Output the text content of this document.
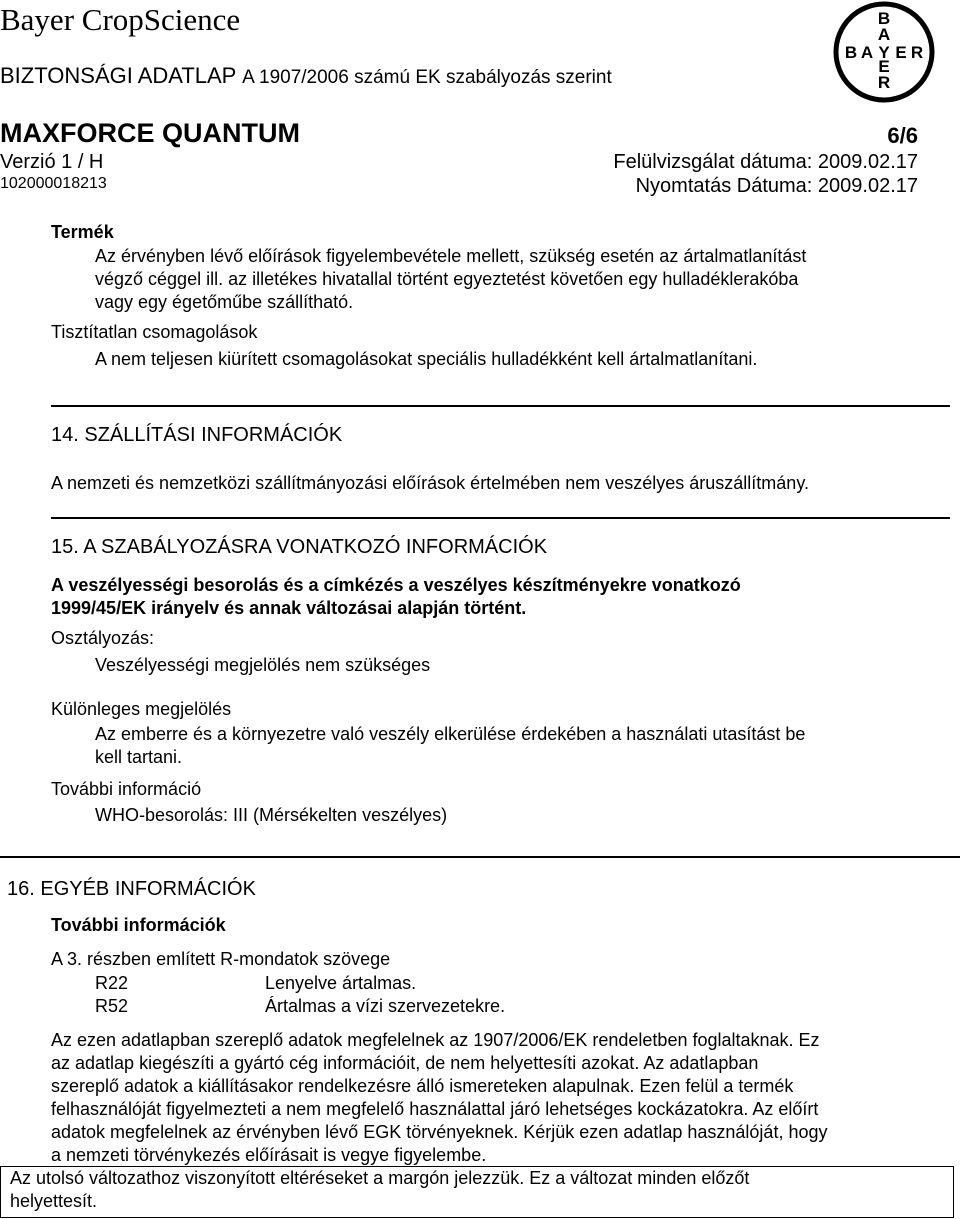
Bayer CropScience
BIZTONSÁGI ADATLAP A 1907/2006 számú EK szabályozás szerint
MAXFORCE QUANTUM	6/6
Verzió 1 / H	Felülvizsgálat dátuma: 2009.02.17
102000018213	Nyomtatás Dátuma: 2009.02.17
B
A
E
R
B A Y E R
Termék
Az érvényben lévő előírások figyelembevétele mellett, szükség esetén az ártalmatlanítást
végző céggel ill. az illetékes hivatallal történt egyeztetést követően egy hulladéklerakóba
vagy egy égetőműbe szállítható.
Tisztítatlan csomagolások
A nem teljesen kiürített csomagolásokat speciális hulladékként kell ártalmatlanítani.
14. SZÁLLÍTÁSI INFORMÁCIÓK
A nemzeti és nemzetközi szállítmányozási előírások értelmében nem veszélyes áruszállítmány.
15. A SZABÁLYOZÁSRA VONATKOZÓ INFORMÁCIÓK
A veszélyességi besorolás és a címkézés a veszélyes készítményekre vonatkozó
1999/45/EK irányelv és annak változásai alapján történt.
Osztályozás:
Veszélyességi megjelölés nem szükséges
Különleges megjelölés
Az emberre és a környezetre való veszély elkerülése érdekében a használati utasítást be
kell tartani.
További információ
WHO-besorolás: III (Mérsékelten veszélyes)
16. EGYÉB INFORMÁCIÓK
További információk
A 3. részben említett R-mondatok szövege
R22	Lenyelve ártalmas.
R52	Ártalmas a vízi szervezetekre.
Az ezen adatlapban szereplő adatok megfelelnek az 1907/2006/EK rendeletben foglaltaknak. Ez
az adatlap kiegészíti a gyártó cég információit, de nem helyettesíti azokat. Az adatlapban
szereplő adatok a kiállításakor rendelkezésre álló ismereteken alapulnak. Ezen felül a termék
felhasználóját figyelmezteti a nem megfelelő használattal járó lehetséges kockázatokra. Az előírt
adatok megfelelnek az érvényben lévő EGK törvényeknek. Kérjük ezen adatlap használóját, hogy
a nemzeti törvénykezés előírásait is vegye figyelembe.
Az utolsó változathoz viszonyított eltéréseket a margón jelezzük. Ez a változat minden előzőt
helyettesít.
